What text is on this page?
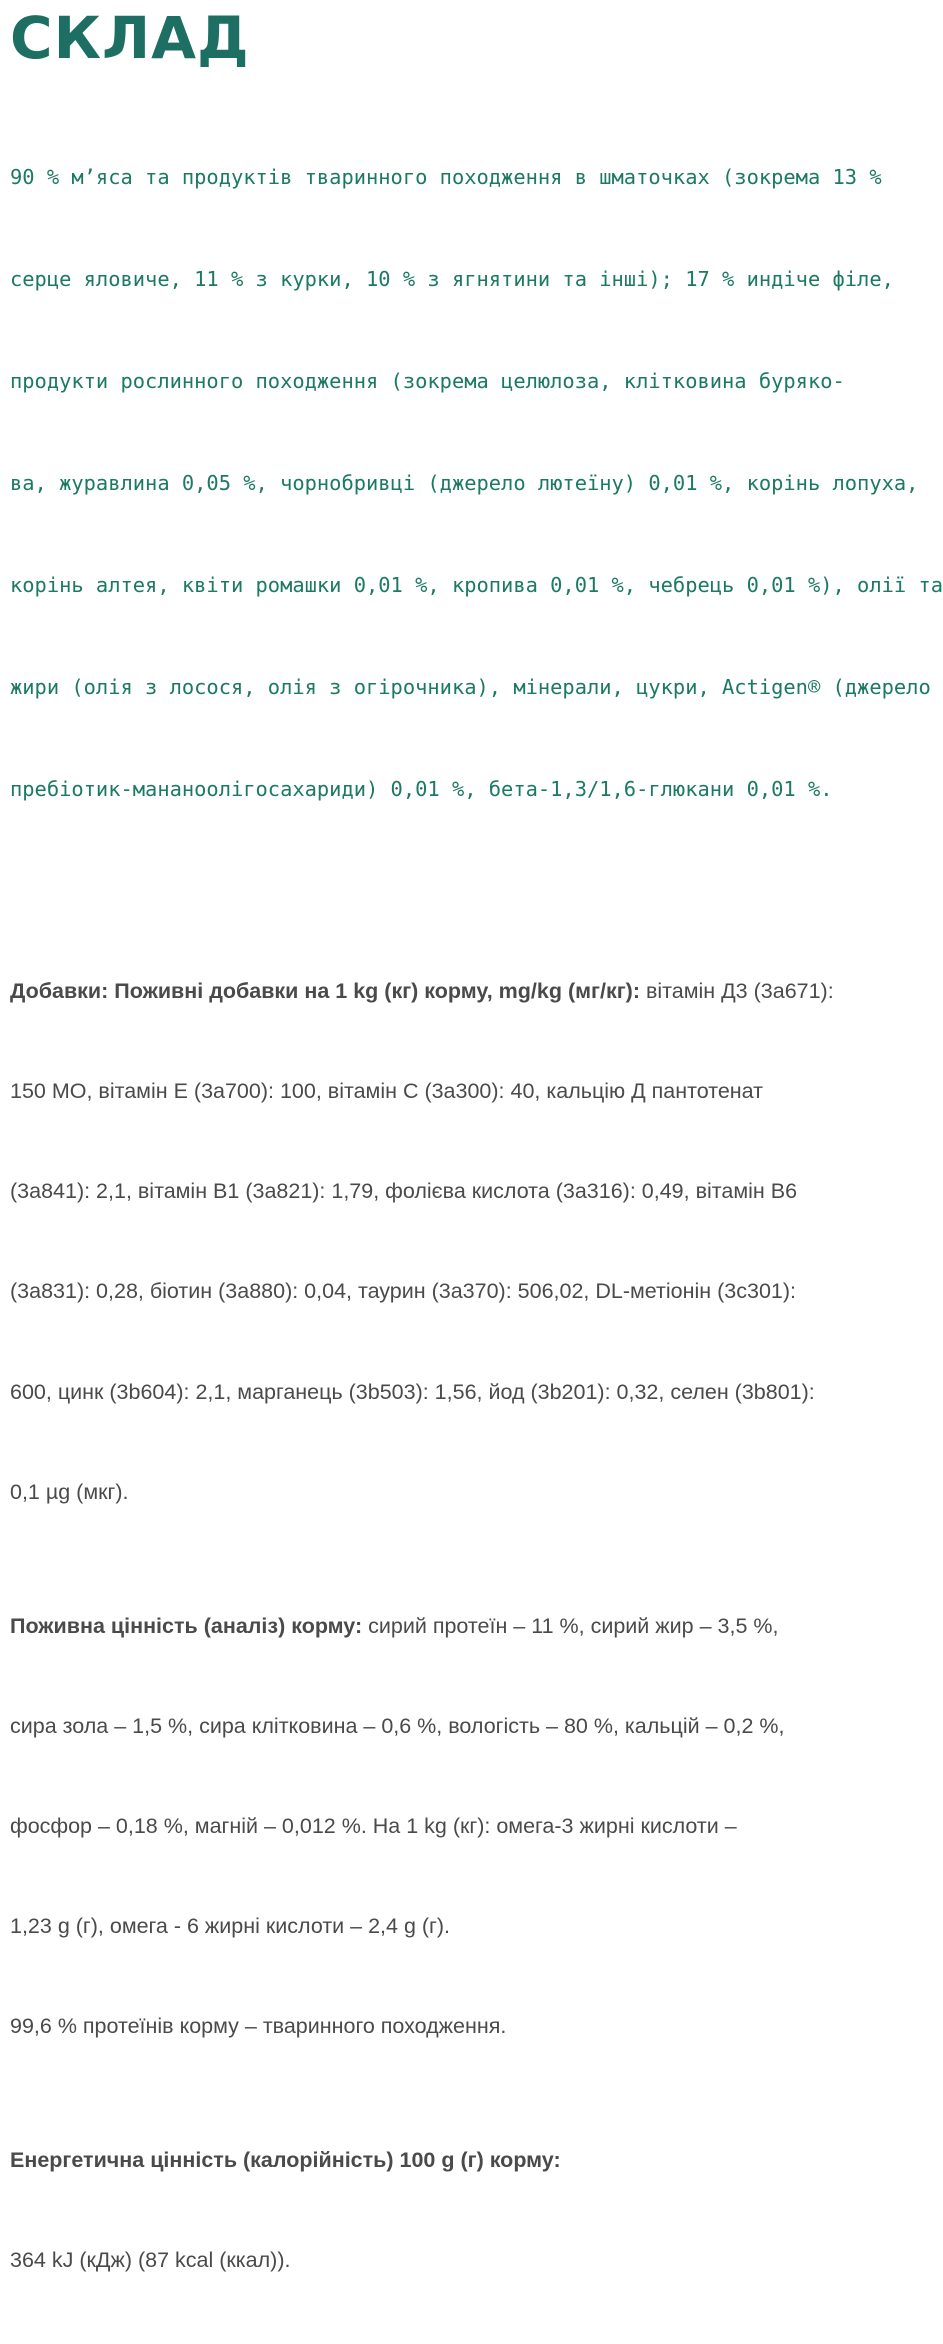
СКЛАД

90 % м’яса та продуктів тваринного походження в шматочках (зокрема 13 %

серце яловиче, 11 % з курки, 10 % з ягнятини та інші); 17 % индіче філе,

продукти рослинного походження (зокрема целюлоза, клітковина буряко-

ва, журавлина 0,05 %, чорнобривці (джерело лютеїну) 0,01 %, корінь лопуха,

корінь алтея, квіти ромашки 0,01 %, кропива 0,01 %, чебрець 0,01 %), олії та

жири (олія з лосося, олія з огірочника), мінерали, цукри, Actigen® (джерело

пребіотик-мананоолігосахариди) 0,01 %, бета-1,3/1,6-глюкани 0,01 %.

Добавки: Поживні добавки на 1 kg (кг) корму, mg/kg (мг/кг): вітамін Д3 (3a671):

150 МО, вітамін Е (3a700): 100, вітамін С (3a300): 40, кальцію Д пантотенат

(3a841): 2,1, вітамін B1 (3a821): 1,79, фолієва кислота (3a316): 0,49, вітамін B6

(3a831): 0,28, біотин (3a880): 0,04, таурин (3a370): 506,02, DL-метіонін (3c301):

600, цинк (3b604): 2,1, марганець (3b503): 1,56, йод (3b201): 0,32, селен (3b801):

0,1 µg (мкг).

Поживна цінність (аналіз) корму: сирий протеїн – 11 %, сирий жир – 3,5 %,

сира зола – 1,5 %, сира клітковина – 0,6 %, вологість – 80 %, кальцій – 0,2 %,

фосфор – 0,18 %, магній – 0,012 %. На 1 kg (кг): омега-3 жирні кислоти –

1,23 g (г), омега - 6 жирні кислоти – 2,4 g (г).

99,6 % протеїнів корму – тваринного походження.

Енергетична цінність (калорійність) 100 g (г) корму:

364 kJ (кДж) (87 kcal (ккал)).
